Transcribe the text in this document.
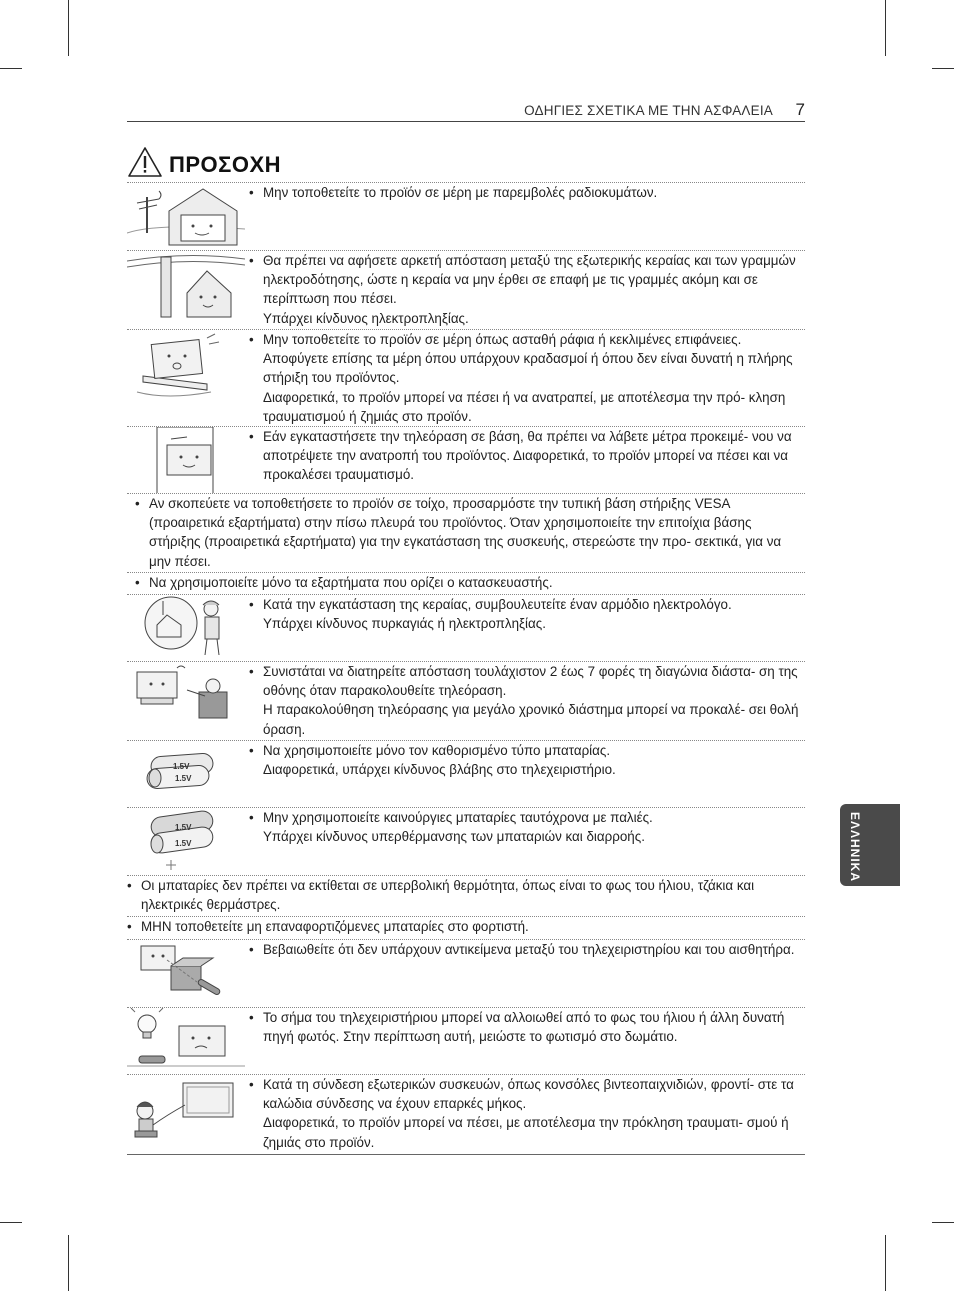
ΟΔΗΓΙΕΣ ΣΧΕΤΙΚΑ ΜΕ ΤΗΝ ΑΣΦΑΛΕΙΑ 7
ΠΡΟΣΟΧΗ
• Μην τοποθετείτε το προϊόν σε μέρη με παρεμβολές ραδιοκυμάτων.
• Θα πρέπει να αφήσετε αρκετή απόσταση μεταξύ της εξωτερικής κεραίας και των γραμμών ηλεκτροδότησης, ώστε η κεραία να μην έρθει σε επαφή με τις γραμμές ακόμη και σε περίπτωση που πέσει.
Υπάρχει κίνδυνος ηλεκτροπληξίας.
• Μην τοποθετείτε το προϊόν σε μέρη όπως ασταθή ράφια ή κεκλιμένες επιφάνειες. Αποφύγετε επίσης τα μέρη όπου υπάρχουν κραδασμοί ή όπου δεν είναι δυνατή η πλήρης στήριξη του προϊόντος.
Διαφορετικά, το προϊόν μπορεί να πέσει ή να ανατραπεί, με αποτέλεσμα την πρό- κληση τραυματισμού ή ζημιάς στο προϊόν.
• Εάν εγκαταστήσετε την τηλεόραση σε βάση, θα πρέπει να λάβετε μέτρα προκειμέ- νου να αποτρέψετε την ανατροπή του προϊόντος. Διαφορετικά, το προϊόν μπορεί να πέσει και να προκαλέσει τραυματισμό.
• Αν σκοπεύετε να τοποθετήσετε το προϊόν σε τοίχο, προσαρμόστε την τυπική βάση στήριξης VESA (προαιρετικά εξαρτήματα) στην πίσω πλευρά του προϊόντος. Όταν χρησιμοποιείτε την επιτοίχια βάσης στήριξης (προαιρετικά εξαρτήματα) για την εγκατάσταση της συσκευής, στερεώστε την προ- σεκτικά, για να μην πέσει.
• Να χρησιμοποιείτε μόνο τα εξαρτήματα που ορίζει ο κατασκευαστής.
• Κατά την εγκατάσταση της κεραίας, συμβουλευτείτε έναν αρμόδιο ηλεκτρολόγο.
Υπάρχει κίνδυνος πυρκαγιάς ή ηλεκτροπληξίας.
• Συνιστάται να διατηρείτε απόσταση τουλάχιστον 2 έως 7 φορές τη διαγώνια διάστα- ση της οθόνης όταν παρακολουθείτε τηλεόραση.
Η παρακολούθηση τηλεόρασης για μεγάλο χρονικό διάστημα μπορεί να προκαλέ- σει θολή όραση.
1.5V
1.5V
• Να χρησιμοποιείτε μόνο τον καθορισμένο τύπο μπαταρίας.
Διαφορετικά, υπάρχει κίνδυνος βλάβης στο τηλεχειριστήριο.
1.5V
1.5V
• Μην χρησιμοποιείτε καινούργιες μπαταρίες ταυτόχρονα με παλιές.
Υπάρχει κίνδυνος υπερθέρμανσης των μπαταριών και διαρροής.
• Οι μπαταρίες δεν πρέπει να εκτίθεται σε υπερβολική θερμότητα, όπως είναι το φως του ήλιου, τζάκια και ηλεκτρικές θερμάστρες.
• ΜΗΝ τοποθετείτε μη επαναφορτιζόμενες μπαταρίες στο φορτιστή.
• Βεβαιωθείτε ότι δεν υπάρχουν αντικείμενα μεταξύ του τηλεχειριστηρίου και του αισθητήρα.
• Το σήμα του τηλεχειριστήριου μπορεί να αλλοιωθεί από το φως του ήλιου ή άλλη δυνατή πηγή φωτός. Στην περίπτωση αυτή, μειώστε το φωτισμό στο δωμάτιο.
• Κατά τη σύνδεση εξωτερικών συσκευών, όπως κονσόλες βιντεοπαιχνιδιών, φροντί- στε τα καλώδια σύνδεσης να έχουν επαρκές μήκος.
Διαφορετικά, το προϊόν μπορεί να πέσει, με αποτέλεσμα την πρόκληση τραυματι- σμού ή ζημιάς στο προϊόν.
ΕΛΛΗΝΙΚΑ
